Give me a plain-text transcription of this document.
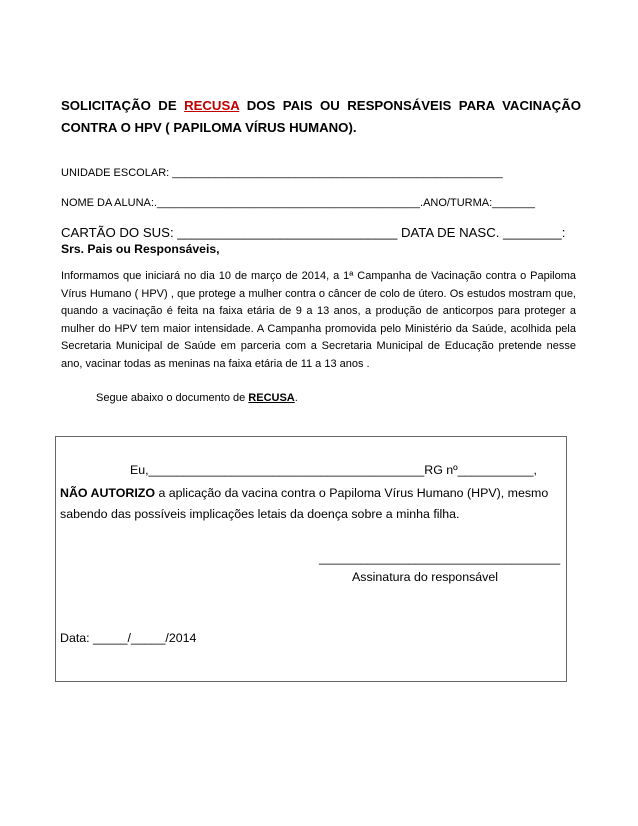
SOLICITAÇÃO DE RECUSA DOS PAIS OU RESPONSÁVEIS PARA VACINAÇÃO
CONTRA O HPV ( PAPILOMA VÍRUS HUMANO).

UNIDADE ESCOLAR: ______________________________________________________

NOME DA ALUNA:.___________________________________________.ANO/TURMA:_______

CARTÃO DO SUS: ______________________________ DATA DE NASC. ________:

Srs. Pais ou Responsáveis,

Informamos que iniciará no dia 10 de março de 2014, a 1ª Campanha de Vacinação contra o Papiloma Vírus Humano ( HPV) , que protege a mulher contra o câncer de colo de útero. Os estudos mostram que, quando a vacinação é feita na faixa etária de 9 a 13 anos, a produção de anticorpos para proteger a mulher do HPV tem maior intensidade. A Campanha promovida pelo Ministério da Saúde, acolhida pela Secretaria Municipal de Saúde em parceria com a Secretaria Municipal de Educação pretende nesse ano, vacinar todas as meninas na faixa etária de 11 a 13 anos .

Segue abaixo o documento de RECUSA.

Eu,________________________________________RG nº___________,

NÃO AUTORIZO a aplicação da vacina contra o Papiloma Vírus Humano (HPV), mesmo sabendo das possíveis implicações letais da doença sobre a minha filha.

___________________________________

Assinatura do responsável

Data: _____/_____/2014
